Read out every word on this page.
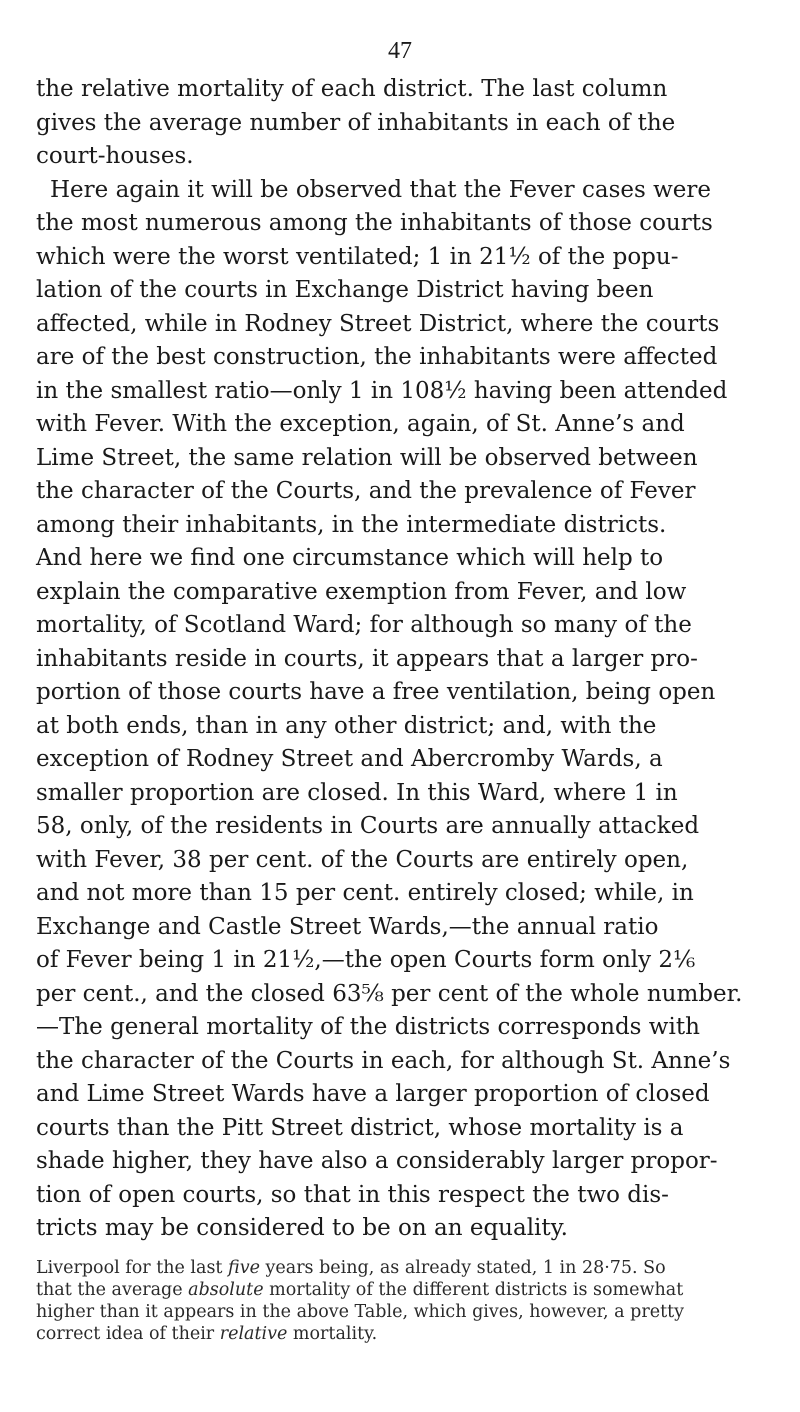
47
the relative mortality of each district. The last column
gives the average number of inhabitants in each of the
court-houses.
Here again it will be observed that the Fever cases were
the most numerous among the inhabitants of those courts
which were the worst ventilated; 1 in 21½ of the popu-
lation of the courts in Exchange District having been
affected, while in Rodney Street District, where the courts
are of the best construction, the inhabitants were affected
in the smallest ratio—only 1 in 108½ having been attended
with Fever. With the exception, again, of St. Anne’s and
Lime Street, the same relation will be observed between
the character of the Courts, and the prevalence of Fever
among their inhabitants, in the intermediate districts.
And here we find one circumstance which will help to
explain the comparative exemption from Fever, and low
mortality, of Scotland Ward; for although so many of the
inhabitants reside in courts, it appears that a larger pro-
portion of those courts have a free ventilation, being open
at both ends, than in any other district; and, with the
exception of Rodney Street and Abercromby Wards, a
smaller proportion are closed. In this Ward, where 1 in
58, only, of the residents in Courts are annually attacked
with Fever, 38 per cent. of the Courts are entirely open,
and not more than 15 per cent. entirely closed; while, in
Exchange and Castle Street Wards,—the annual ratio
of Fever being 1 in 21½,—the open Courts form only 2⅙
per cent., and the closed 63⅝ per cent of the whole number.
—The general mortality of the districts corresponds with
the character of the Courts in each, for although St. Anne’s
and Lime Street Wards have a larger proportion of closed
courts than the Pitt Street district, whose mortality is a
shade higher, they have also a considerably larger propor-
tion of open courts, so that in this respect the two dis-
tricts may be considered to be on an equality.
Liverpool for the last five years being, as already stated, 1 in 28·75. So
that the average absolute mortality of the different districts is somewhat
higher than it appears in the above Table, which gives, however, a pretty
correct idea of their relative mortality.
